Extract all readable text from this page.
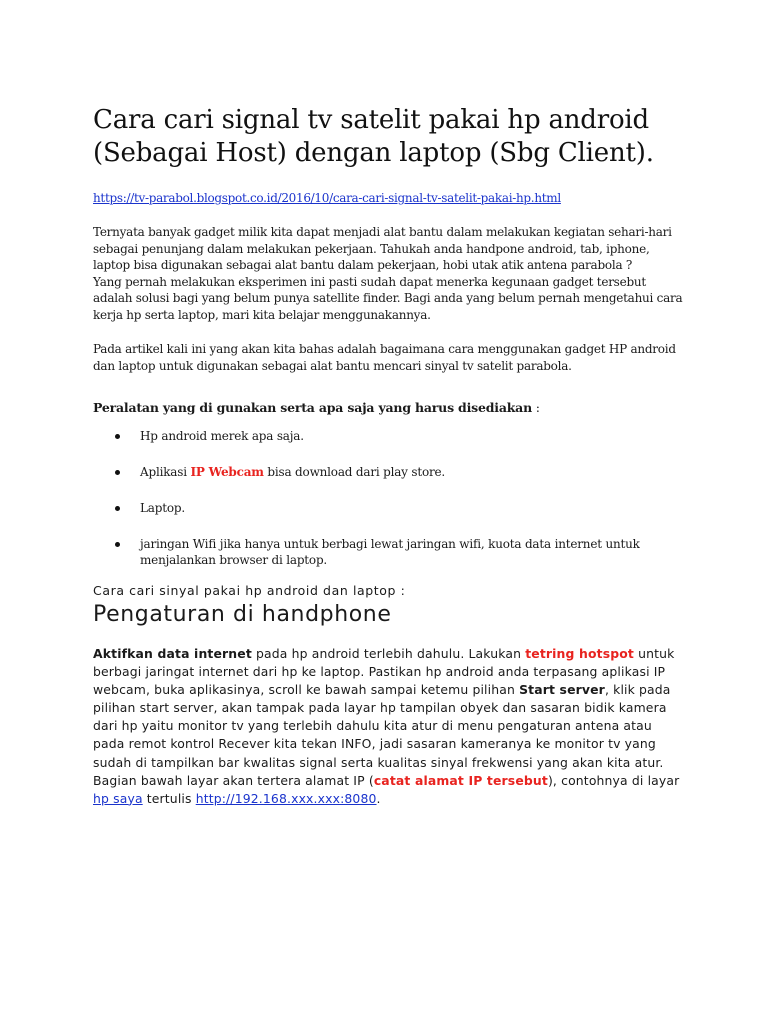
Cara cari signal tv satelit pakai hp android (Sebagai Host) dengan laptop (Sbg Client).
https://tv-parabol.blogspot.co.id/2016/10/cara-cari-signal-tv-satelit-pakai-hp.html

Ternyata banyak gadget milik kita dapat menjadi alat bantu dalam melakukan kegiatan sehari-hari sebagai penunjang dalam melakukan pekerjaan. Tahukah anda handpone android, tab, iphone, laptop bisa digunakan sebagai alat bantu dalam pekerjaan, hobi utak atik antena parabola ?

Yang pernah melakukan eksperimen ini pasti sudah dapat menerka kegunaan gadget tersebut adalah solusi bagi yang belum punya satellite finder. Bagi anda yang belum pernah mengetahui cara kerja hp serta laptop, mari kita belajar menggunakannya.

Pada artikel kali ini yang akan kita bahas adalah bagaimana cara menggunakan gadget HP android dan laptop untuk digunakan sebagai alat bantu mencari sinyal tv satelit parabola.

Peralatan yang di gunakan serta apa saja yang harus disediakan :

Hp android merek apa saja.
Aplikasi IP Webcam bisa download dari play store.
Laptop.
jaringan Wifi jika hanya untuk berbagi lewat jaringan wifi, kuota data internet untuk menjalankan browser di laptop.
Cara cari sinyal pakai hp android dan laptop :
Pengaturan di handphone

Aktifkan data internet pada hp android terlebih dahulu. Lakukan tetring hotspot untuk berbagi jaringat internet dari hp ke laptop. Pastikan hp android anda terpasang aplikasi IP webcam, buka aplikasinya, scroll ke bawah sampai ketemu pilihan Start server, klik pada pilihan start server, akan tampak pada layar hp tampilan obyek dan sasaran bidik kamera dari hp yaitu monitor tv yang terlebih dahulu kita atur di menu pengaturan antena atau pada remot kontrol Recever kita tekan INFO, jadi sasaran kameranya ke monitor tv yang sudah di tampilkan bar kwalitas signal serta kualitas sinyal frekwensi yang akan kita atur. Bagian bawah layar akan tertera alamat IP (catat alamat IP tersebut), contohnya di layar hp saya tertulis http://192.168.xxx.xxx:8080.
